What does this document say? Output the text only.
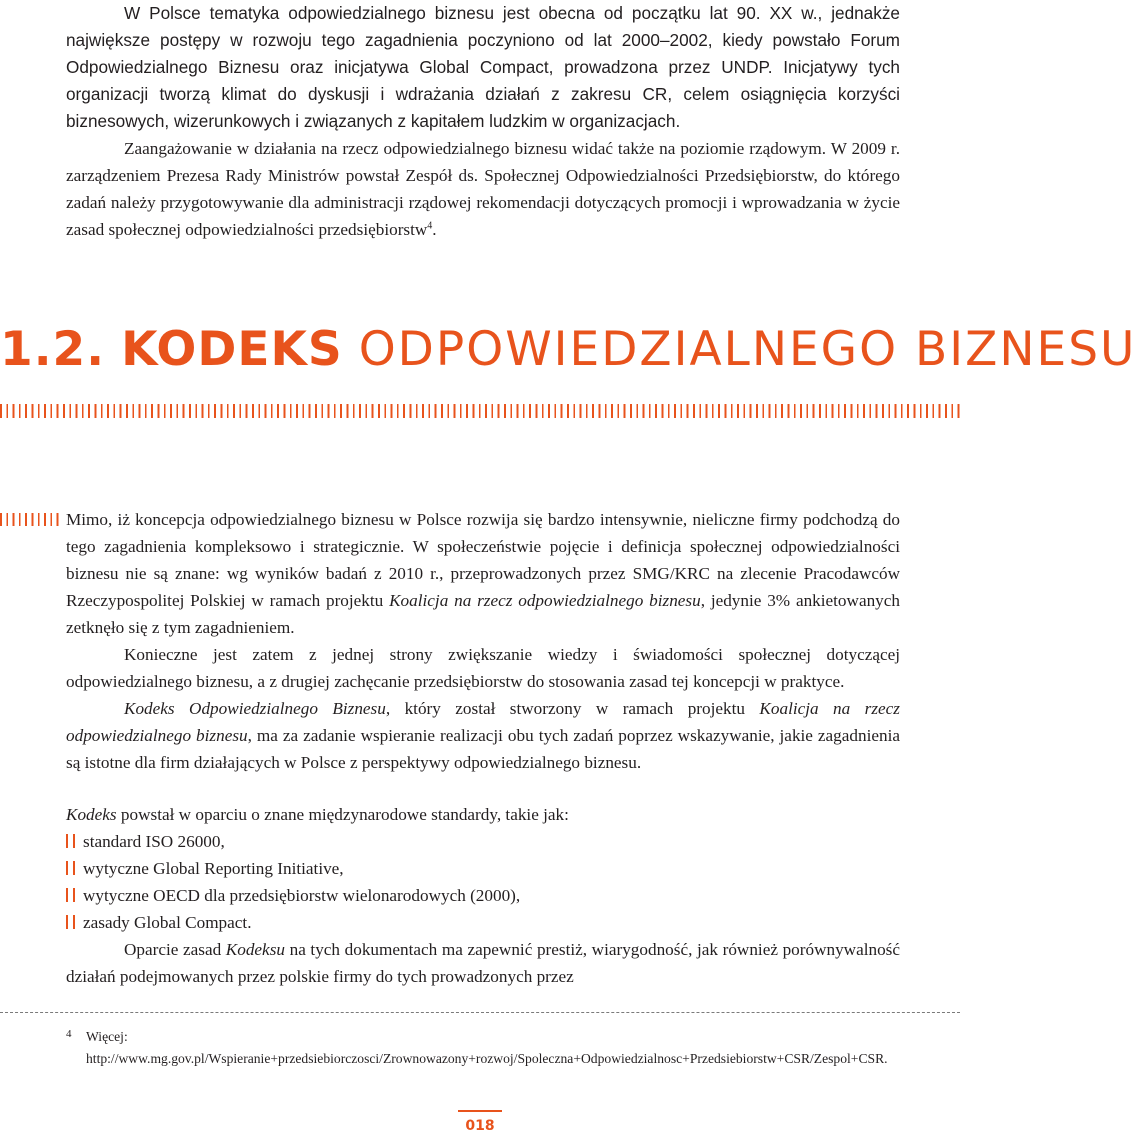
W Polsce tematyka odpowiedzialnego biznesu jest obecna od początku lat 90. XX w., jednakże największe postępy w rozwoju tego zagadnienia poczyniono od lat 2000–2002, kiedy powstało Forum Odpowiedzialnego Biznesu oraz inicjatywa Global Compact, prowadzona przez UNDP. Inicjatywy tych organizacji tworzą klimat do dyskusji i wdrażania działań z zakresu CR, celem osiągnięcia korzyści biznesowych, wizerunkowych i związanych z kapitałem ludzkim w organizacjach.

Zaangażowanie w działania na rzecz odpowiedzialnego biznesu widać także na poziomie rządowym. W 2009 r. zarządzeniem Prezesa Rady Ministrów powstał Zespół ds. Społecznej Odpowiedzialności Przedsiębiorstw, do którego zadań należy przygotowywanie dla administracji rządowej rekomendacji dotyczących promocji i wprowadzania w życie zasad społecznej odpowiedzialności przedsiębiorstw$^4$.

1.2. KODEKS ODPOWIEDZIALNEGO BIZNESU

Mimo, iż koncepcja odpowiedzialnego biznesu w Polsce rozwija się bardzo intensywnie, nieliczne firmy podchodzą do tego zagadnienia kompleksowo i strategicznie. W społeczeństwie pojęcie i definicja społecznej odpowiedzialności biznesu nie są znane: wg wyników badań z 2010 r., przeprowadzonych przez SMG/KRC na zlecenie Pracodawców Rzeczypospolitej Polskiej w ramach projektu Koalicja na rzecz odpowiedzialnego biznesu, jedynie 3% ankietowanych zetknęło się z tym zagadnieniem.

Konieczne jest zatem z jednej strony zwiększanie wiedzy i świadomości społecznej dotyczącej odpowiedzialnego biznesu, a z drugiej zachęcanie przedsiębiorstw do stosowania zasad tej koncepcji w praktyce.

Kodeks Odpowiedzialnego Biznesu, który został stworzony w ramach projektu Koalicja na rzecz odpowiedzialnego biznesu, ma za zadanie wspieranie realizacji obu tych zadań poprzez wskazywanie, jakie zagadnienia są istotne dla firm działających w Polsce z perspektywy odpowiedzialnego biznesu.

Kodeks powstał w oparciu o znane międzynarodowe standardy, takie jak:

standard ISO 26000,
wytyczne Global Reporting Initiative,
wytyczne OECD dla przedsiębiorstw wielonarodowych (2000),
zasady Global Compact.

Oparcie zasad Kodeksu na tych dokumentach ma zapewnić prestiż, wiarygodność, jak również porównywalność działań podejmowanych przez polskie firmy do tych prowadzonych przez

4 Więcej: http://www.mg.gov.pl/Wspieranie+przedsiebiorczosci/Zrownowazony+rozwoj/Spoleczna+Odpowiedzialnosc+Przedsiebiorstw+CSR/Zespol+CSR.
018
